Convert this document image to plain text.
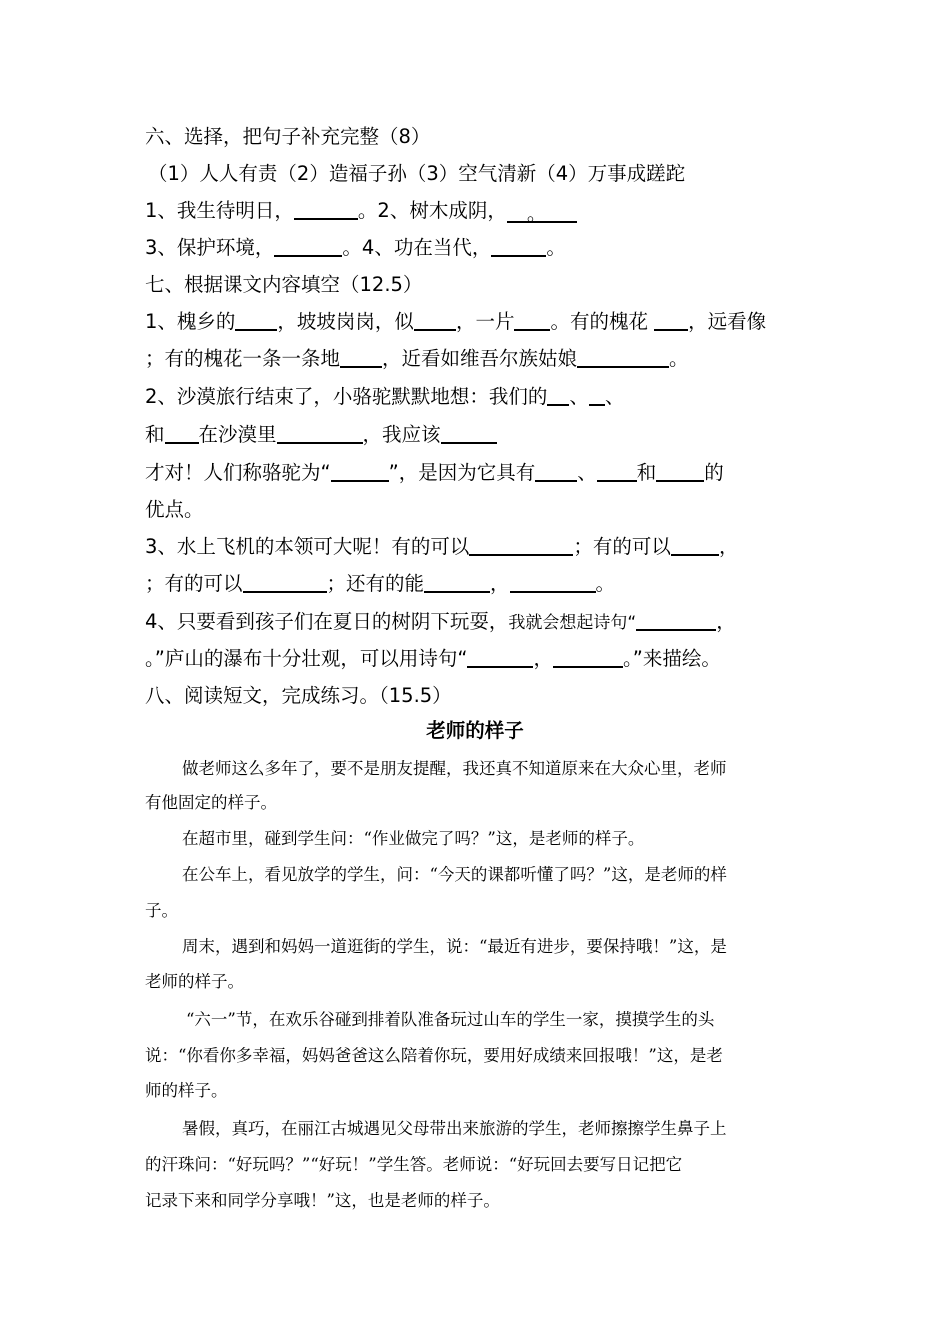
六、选择，把句子补充完整（8）
（1）人人有责（2）造福子孙（3）空气清新（4）万事成蹉跎
1、我生待明日，	。2、树木成阴， 。
3、保护环境，	。4、功在当代，	。
七、根据课文内容填空（12.5）
1、槐乡的 ，坡坡岗岗，似 ，一片 。有的槐花 ，远看像
；有的槐花一条一条地 ，近看如维吾尔族姑娘	。
2、沙漠旅行结束了，小骆驼默默地想：我们的 、 、
和 在沙漠里	，我应该
才对！人们称骆驼为“	”，是因为它具有 、 和 的
优点。
3、水上飞机的本领可大呢！有的可以	；有的可以 ，
；有的可以	；还有的能	，	。
4、只要看到孩子们在夏日的树阴下玩耍，我就会想起诗句“	，
。”庐山的瀑布十分壮观，可以用诗句“	，	。”来描绘。
八、阅读短文，完成练习。（15.5）
老师的样子
做老师这么多年了，要不是朋友提醒，我还真不知道原来在大众心里，老师
有他固定的样子。
在超市里，碰到学生问：“作业做完了吗？”这，是老师的样子。
在公车上，看见放学的学生，问：“今天的课都听懂了吗？”这，是老师的样
子。
周末，遇到和妈妈一道逛街的学生，说：“最近有进步，要保持哦！”这，是
老师的样子。
“六一”节，在欢乐谷碰到排着队准备玩过山车的学生一家，摸摸学生的头
说：“你看你多幸福，妈妈爸爸这么陪着你玩，要用好成绩来回报哦！”这，是老
师的样子。
暑假，真巧，在丽江古城遇见父母带出来旅游的学生，老师擦擦学生鼻子上
的汗珠问：“好玩吗？”“好玩！”学生答。老师说：“好玩回去要写日记把它
记录下来和同学分享哦！”这，也是老师的样子。
